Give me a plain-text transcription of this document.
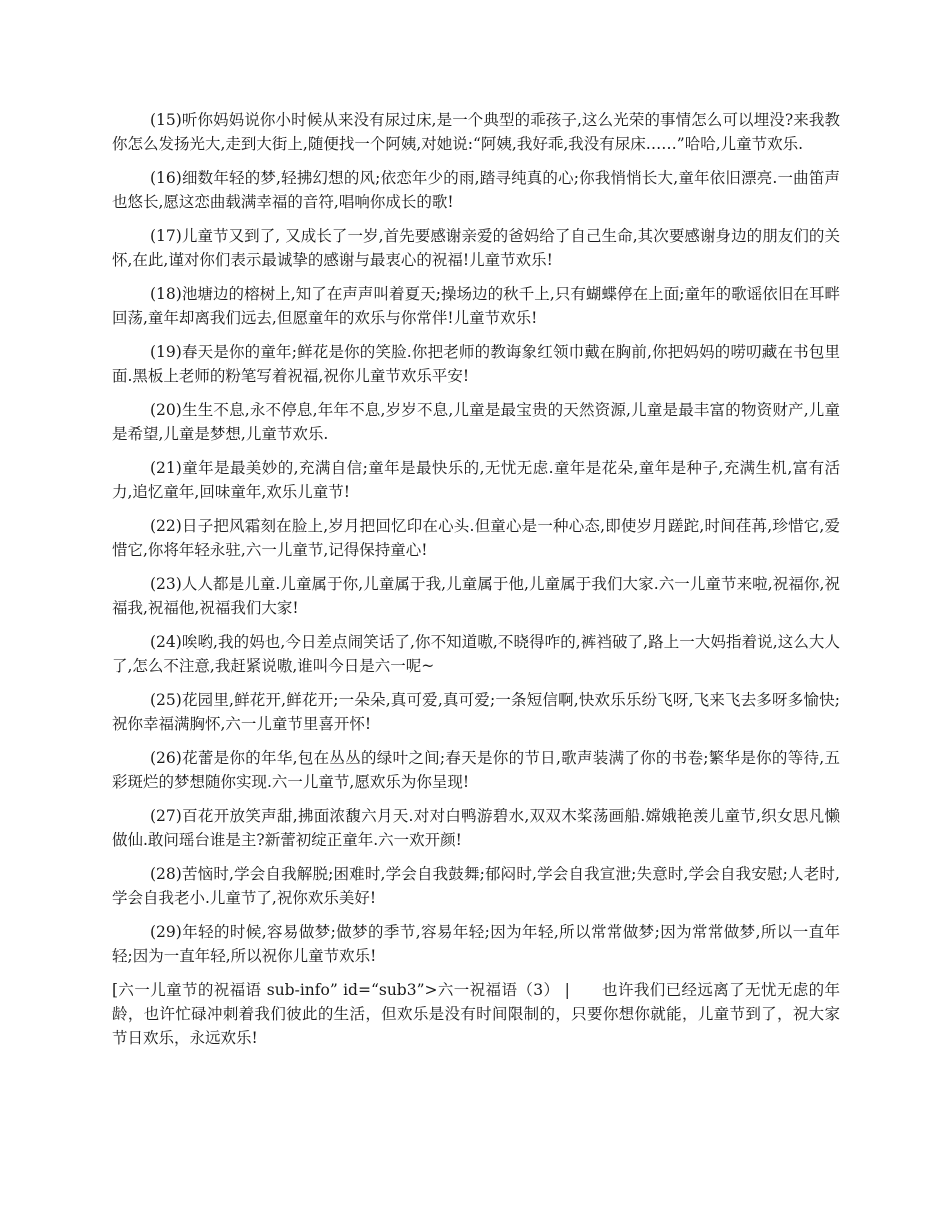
(15)听你妈妈说你小时候从来没有尿过床,是一个典型的乖孩子,这么光荣的事情怎么可以埋没?来我教你怎么发扬光大,走到大街上,随便找一个阿姨,对她说:“阿姨,我好乖,我没有尿床……”哈哈,儿童节欢乐.

(16)细数年轻的梦,轻拂幻想的风;依恋年少的雨,踏寻纯真的心;你我悄悄长大,童年依旧漂亮.一曲笛声也悠长,愿这恋曲载满幸福的音符,唱响你成长的歌!

(17)儿童节又到了, 又成长了一岁,首先要感谢亲爱的爸妈给了自己生命,其次要感谢身边的朋友们的关怀,在此,谨对你们表示最诚挚的感谢与最衷心的祝福!儿童节欢乐!

(18)池塘边的榕树上,知了在声声叫着夏天;操场边的秋千上,只有蝴蝶停在上面;童年的歌谣依旧在耳畔回荡,童年却离我们远去,但愿童年的欢乐与你常伴!儿童节欢乐!

(19)春天是你的童年;鲜花是你的笑脸.你把老师的教诲象红领巾戴在胸前,你把妈妈的唠叨藏在书包里面.黑板上老师的粉笔写着祝福,祝你儿童节欢乐平安!

(20)生生不息,永不停息,年年不息,岁岁不息,儿童是最宝贵的天然资源,儿童是最丰富的物资财产,儿童是希望,儿童是梦想,儿童节欢乐.

(21)童年是最美妙的,充满自信;童年是最快乐的,无忧无虑.童年是花朵,童年是种子,充满生机,富有活力,追忆童年,回味童年,欢乐儿童节!

(22)日子把风霜刻在脸上,岁月把回忆印在心头.但童心是一种心态,即使岁月蹉跎,时间荏苒,珍惜它,爱惜它,你将年轻永驻,六一儿童节,记得保持童心!

(23)人人都是儿童.儿童属于你,儿童属于我,儿童属于他,儿童属于我们大家.六一儿童节来啦,祝福你,祝福我,祝福他,祝福我们大家!

(24)唉哟,我的妈也,今日差点闹笑话了,你不知道嗷,不晓得咋的,裤裆破了,路上一大妈指着说,这么大人了,怎么不注意,我赶紧说嗷,谁叫今日是六一呢~

(25)花园里,鲜花开,鲜花开;一朵朵,真可爱,真可爱;一条短信啊,快欢乐乐纷飞呀,飞来飞去多呀多愉快;祝你幸福满胸怀,六一儿童节里喜开怀!

(26)花蕾是你的年华,包在丛丛的绿叶之间;春天是你的节日,歌声装满了你的书卷;繁华是你的等待,五彩斑烂的梦想随你实现.六一儿童节,愿欢乐为你呈现!

(27)百花开放笑声甜,拂面浓馥六月天.对对白鸭游碧水,双双木桨荡画船.嫦娥艳羡儿童节,织女思凡懒做仙.敢问瑶台谁是主?新蕾初绽正童年.六一欢开颜!

(28)苦恼时,学会自我解脱;困难时,学会自我鼓舞;郁闷时,学会自我宣泄;失意时,学会自我安慰;人老时,学会自我老小.儿童节了,祝你欢乐美好!

(29)年轻的时候,容易做梦;做梦的季节,容易年轻;因为年轻,所以常常做梦;因为常常做梦,所以一直年轻;因为一直年轻,所以祝你儿童节欢乐!

[六一儿童节的祝福语 sub-info” id=“sub3”>六一祝福语（3） |　　也许我们已经远离了无忧无虑的年龄，也许忙碌冲刺着我们彼此的生活，但欢乐是没有时间限制的，只要你想你就能，儿童节到了，祝大家节日欢乐，永远欢乐!
